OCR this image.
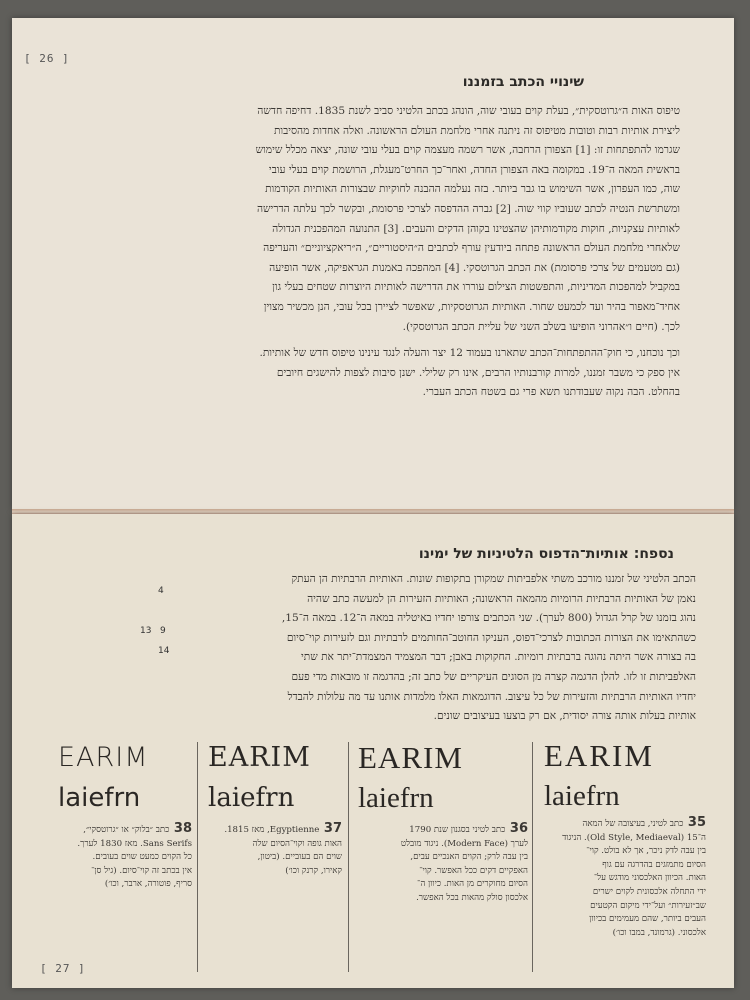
[ 26 ]
שינויי הכתב בזמננו
טיפוס האות ה״גרוטסקית״, בעלת קוים בעובי שוה, הונהג בכתב הלטיני סביב לשנת 1835. דחיפה חדשה
ליצירת אותיות רבות וטובות מטיפוס זה ניתנה אחרי מלחמת העולם הראשונה. ואלה אחדות מהסיבות
שגרמו להתפתחות זו: [1] הצפורן הרחבה, אשר רשמה מעצמה קוים בעלי עובי שונה, יצאה מכלל שימוש
בראשית המאה ה־19. במקומה באה הצפורן החדה, ואחר־כך החרט־מעגלת, הרושמת קוים בעלי עובי
שוה, כמו העפרון, אשר השימוש בו גבר ביותר. בזה נעלמה ההבנה לחוקיות שבצורות האותיות הקודמות
ומשתרשת הנטיה לכתב שעוביו קווי שוה. [2] גברה ההדפסה לצרכי פרסומת, ובקשר לכך עלתה הדרישה
לאותיות עצקניות, חוקות מקודמותיהן שהצטינו בקוהן הדקים והעבים. [3] התנועה המהפכנית הגדולה
שלאחרי מלחמת העולם הראשונה פתחה ביודעין עורף לכתבים ה״היסטוריים״, ה״ריאקציוניים״ והעריפה
(גם מטעמים של צרכי פרסומת) את הכתב הגרוטסקי. [4] המהפכה באמנות הגראפיקה, אשר הופיעה
במקביל למהפכות המדיניות, והתפשטות הצילום עוררו את הדרישה לאותיות היוצרות שטחים בעלי גון
אחיד־מאפור בהיר ועד לכמעט שחור. האותיות הגרוטסקיות, שאפשר לציירן בכל עובי, הנן מכשיר מצוין
לכך. (חיים ו״אהרוני הופיעו בשלב השני של עליית הכתב הגרוטסקי).
וכך נוכחנו, כי חוק־ההתפתחות־הכתב שתארנו בעמוד 12 יצר והעלה לנגד עינינו טיפוס חדש של אותיות.
אין ספק כי משבר זמננו, למרות קורבנותיו הרבים, אינו רק שלילי. ישנן סיבות לצפות להישגים חיובים
בהחלט. הבה נקוה שעבודתנו תשא פרי גם בשטח הכתב העברי.
נספח: אותיות־הדפוס הלטיניות של ימינו
הכתב הלטיני של זמננו מורכב משתי אלפביתות שמקורן בתקופות שונות. האותיות הרבתיות הן העתק
נאמן של האותיות הרבתיות הרומיות מהמאה הראשונה; האותיות הזעירות הן למעשה כתב שהיה
נהוג בזמנו של קרל הגדול (800 לערך). שני הכתבים צורפו יחדיו באיטליה במאה ה־12. במאה ה־15,
כשהתאימו את הצורות הכתובות לצרכי־דפוס, העניקו החוטב־החותמים לרבתיות וגם לזעירות קוי־סיום
בה בצורה אשר היתה נהוגה ברבתיות רומיות. החקוקות באבן; דבר המצמיד המצמדת־יתר את שתי
האלפביתות זו לזו. להלן הדגמה קצרה מן הסוגים העיקריים של כתב זה; בהדגמה זו מובאות מדי פעם
יחדיו האותיות הרבתיות והזעירות של כל עיצוב. הדוגמאות האלו מלמדות אותנו עד מה עלולות להבדל
אותיות בעלות אותה צורה יסודית, אם רק בוצעו בעיצובים שונים.
4
13 9
14
EARIM
laiefrn
38 כתב ״בלוק״ או ״גרוטסקי״,
Sans Serifs. מאז 1830 לערך.
כל הקוים כמעט שוים בעובים.
אין בכתב זה קוי־סיום. (גיל סן־
סריף, פוטורה, ארבר, וכו׳)
EARIM
laiefrn
37 Egyptienne, מאז 1815.
האות גופה וקוי־הסיום שלה
שוים הם בעוביים. (ביטון,
קאירו, קרנק וכו׳)
EARIM
laiefrn
36 כתב לטיני בסגנון שנת 1790
לערך (Modern Face). ניגוד מובלט
בין עבה לרק; הקוים האנכיים עבים,
האפקיים דקים ככל האפשר. קוי־
הסיום מחוקרים מן האות. כיוון ה־
אלכסון סולק מהאות בכל האפשר.
EARIM
laiefrn
35 כתב לטיני, בעיצובה של המאה
ה־15 (Old Style, Mediaeval). הניגוד
בין עבה לדק ניכר, אך לא בולט. קוי־
הסיום מתמזגים בהדרגה עם גוף
האות. הכיוון האלכסוני מודגש על־
ידי התחלה אלכסונית לקוים ישרים
שב״זעירות״ ועל־ידי מיקום הקטעים
העבים ביותר, שהם מעמימים בכיוון
אלכסוני. (גרמונד, במבו וכו׳)
[ 27 ]
